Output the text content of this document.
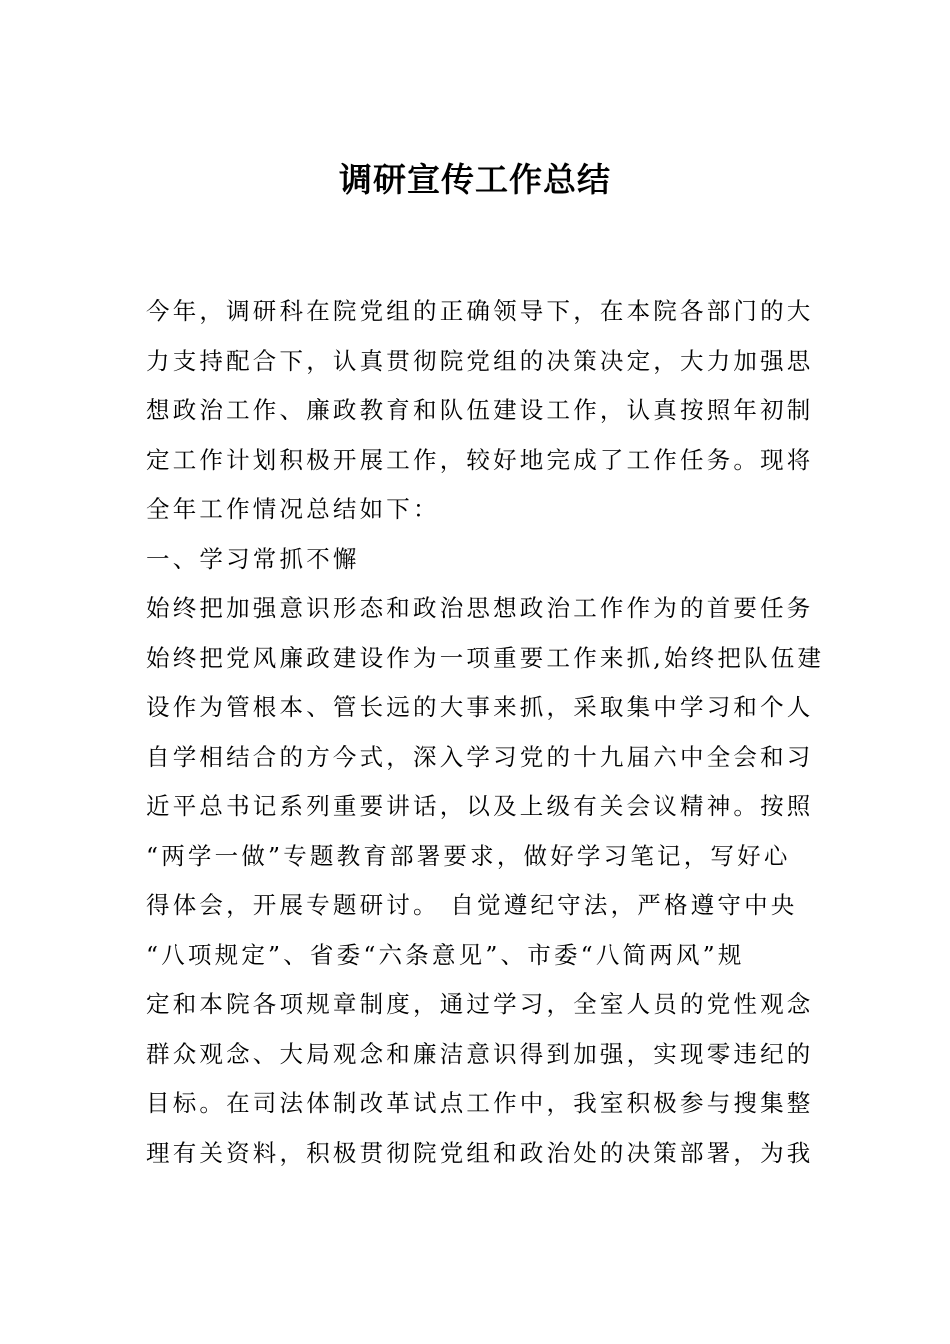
调研宣传工作总结
今年，调研科在院党组的正确领导下，在本院各部门的大
力支持配合下，认真贯彻院党组的决策决定，大力加强思
想政治工作、廉政教育和队伍建设工作，认真按照年初制
定工作计划积极开展工作，较好地完成了工作任务。现将
全年工作情况总结如下：
一、学习常抓不懈
始终把加强意识形态和政治思想政治工作作为的首要任务
始终把党风廉政建设作为一项重要工作来抓,始终把队伍建
设作为管根本、管长远的大事来抓，采取集中学习和个人
自学相结合的方今式，深入学习党的十九届六中全会和习
近平总书记系列重要讲话，以及上级有关会议精神。按照
“两学一做”专题教育部署要求，做好学习笔记，写好心
得体会，开展专题研讨。 自觉遵纪守法，严格遵守中央
“八项规定”、省委“六条意见”、市委“八简两风”规
定和本院各项规章制度，通过学习，全室人员的党性观念
群众观念、大局观念和廉洁意识得到加强，实现零违纪的
目标。在司法体制改革试点工作中，我室积极参与搜集整
理有关资料，积极贯彻院党组和政治处的决策部署，为我
